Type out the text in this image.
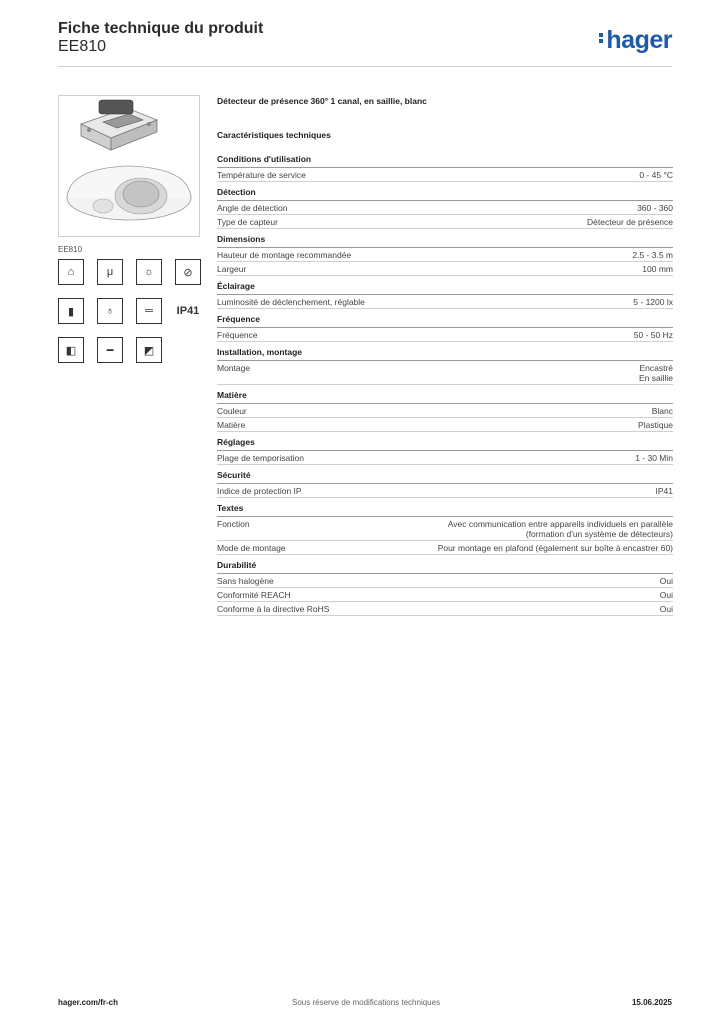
Fiche technique du produit
EE810	hager
EE810
⌂	μ	☼	⊘
▮	♁	═	IP41
◧	━	◩
Détecteur de présence 360° 1 canal, en saillie, blanc
Caractéristiques techniques
Conditions d'utilisation
Température de service	0 - 45 °C
Détection
Angle de détection	360 - 360
Type de capteur	Détecteur de présence
Dimensions
Hauteur de montage recommandée	2.5 - 3.5 m
Largeur	100 mm
Éclairage
Luminosité de déclenchement, réglable	5 - 1200 lx
Fréquence
Fréquence	50 - 50 Hz
Installation, montage
Montage	Encastré
En saillie
Matière
Couleur	Blanc
Matière	Plastique
Réglages
Plage de temporisation	1 - 30 Min
Sécurité
Indice de protection IP	IP41
Textes
Fonction	Avec communication entre appareils individuels en parallèle
(formation d'un système de détecteurs)
Mode de montage	Pour montage en plafond (également sur boîte à encastrer 60)
Durabilité
Sans halogène	Oui
Conformité REACH	Oui
Conforme à la directive RoHS	Oui
hager.com/fr-ch	Sous réserve de modifications techniques	15.06.2025
